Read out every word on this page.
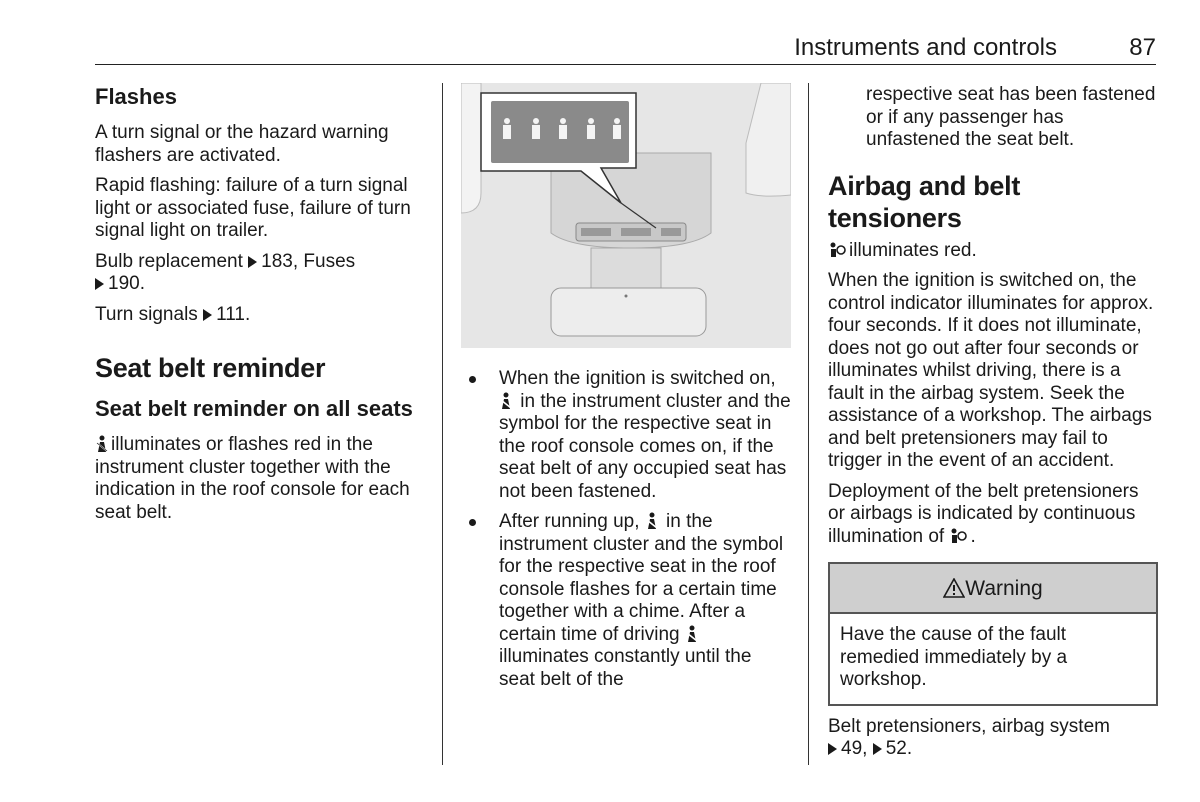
Instruments and controls	87

Flashes

A turn signal or the hazard warning flashers are activated.

Rapid flashing: failure of a turn signal light or associated fuse, failure of turn signal light on trailer.

Bulb replacement 183, Fuses
190.

Turn signals 111.

Seat belt reminder

Seat belt reminder on all seats

illuminates or flashes red in the instrument cluster together with the indication in the roof console for each seat belt.

When the ignition is switched on,
in the instrument cluster and the symbol for the respective seat in the roof console comes on, if the seat belt of any occupied seat has not been fastened.
After running up, in the instrument cluster and the symbol for the respective seat in the roof console flashes for a certain time together with a chime. After a certain time of driving  illuminates constantly until the seat belt of the

respective seat has been fastened or if any passenger has unfastened the seat belt.

Airbag and belt tensioners

illuminates red.

When the ignition is switched on, the control indicator illuminates for approx. four seconds. If it does not illuminate, does not go out after four seconds or illuminates whilst driving, there is a fault in the airbag system. Seek the assistance of a workshop. The airbags and belt pretensioners may fail to trigger in the event of an accident.

Deployment of the belt pretensioners or airbags is indicated by continuous illumination of .

Warning

Have the cause of the fault remedied immediately by a workshop.

Belt pretensioners, airbag system
49, 52.
